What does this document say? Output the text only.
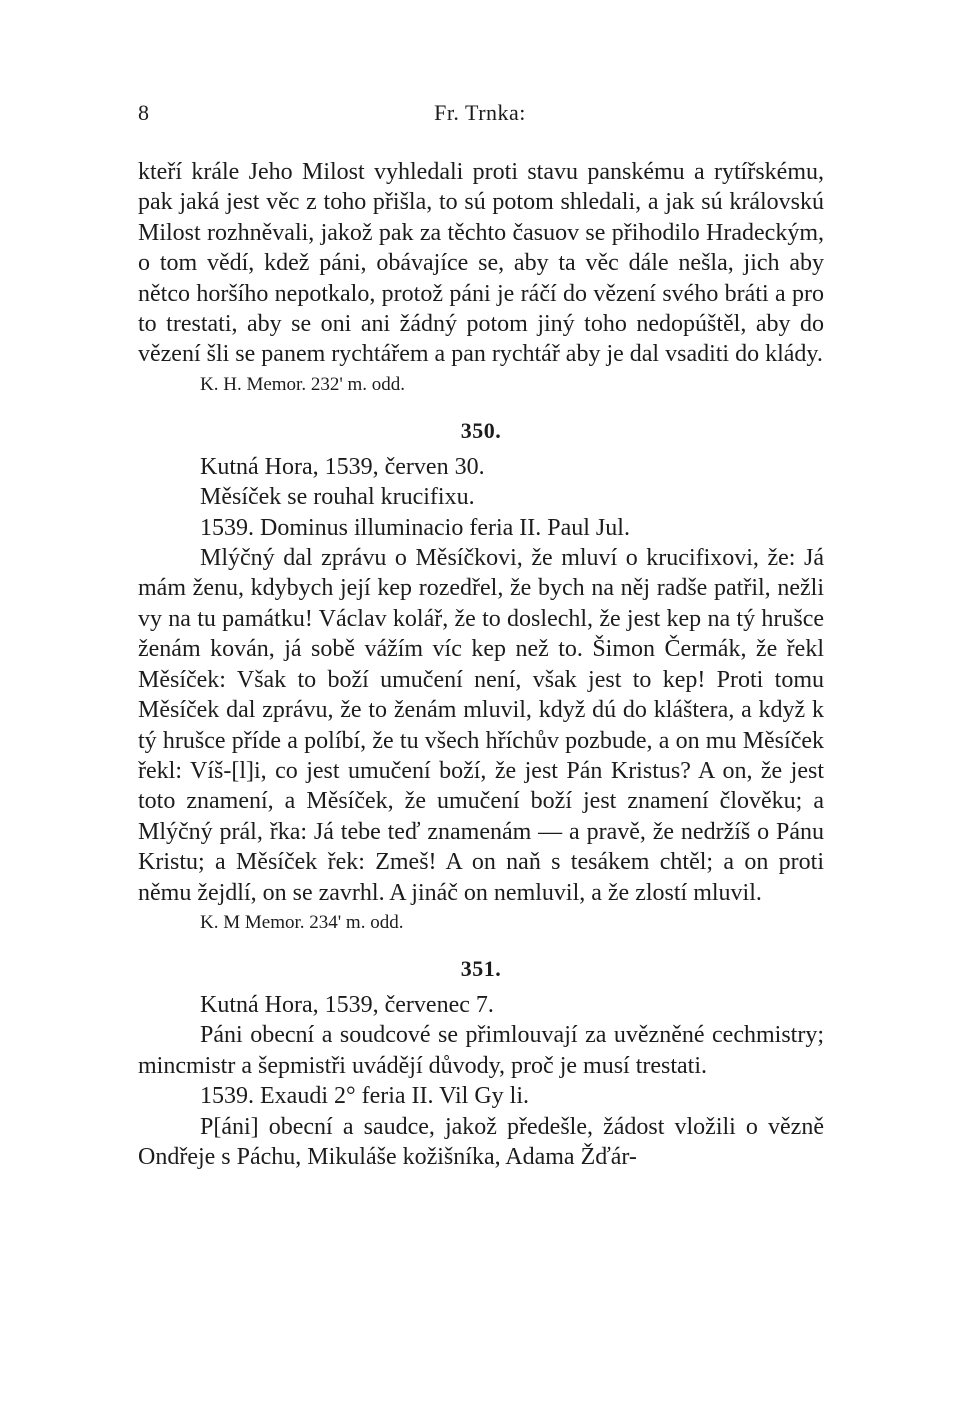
8	Fr. Trnka:

kteří krále Jeho Milost vyhledali proti stavu panskému a rytířskému, pak jaká jest věc z toho přišla, to sú potom shledali, a jak sú královskú Milost rozhněvali, jakož pak za těchto časuov se přihodilo Hradeckým, o tom vědí, kdež páni, obávajíce se, aby ta věc dále nešla, jich aby nětco horšího nepotkalo, protož páni je ráčí do vězení svého bráti a pro to trestati, aby se oni ani žádný potom jiný toho nedopúštěl, aby do vězení šli se panem rychtářem a pan rychtář aby je dal vsaditi do klády.

K. H. Memor. 232' m. odd.

350.

Kutná Hora, 1539, červen 30.

Měsíček se rouhal krucifixu.

1539. Dominus illuminacio feria II. Paul Jul.

Mlýčný dal zprávu o Měsíčkovi, že mluví o krucifixovi, že: Já mám ženu, kdybych její kep rozedřel, že bych na něj radše patřil, nežli vy na tu památku! Václav kolář, že to doslechl, že jest kep na tý hrušce ženám kován, já sobě vážím víc kep než to. Šimon Čermák, že řekl Měsíček: Však to boží umučení není, však jest to kep! Proti tomu Měsíček dal zprávu, že to ženám mluvil, když dú do kláštera, a když k tý hrušce příde a políbí, že tu všech hříchův pozbude, a on mu Měsíček řekl: Víš-[l]i, co jest umučení boží, že jest Pán Kristus? A on, že jest toto znamení, a Měsíček, že umučení boží jest znamení člověku; a Mlýčný prál, řka: Já tebe teď znamenám — a pravě, že nedržíš o Pánu Kristu; a Měsíček řek: Zmeš! A on naň s tesákem chtěl; a on proti němu žejdlí, on se zavrhl. A jináč on nemluvil, a že zlostí mluvil.

K. M Memor. 234' m. odd.

351.

Kutná Hora, 1539, červenec 7.

Páni obecní a soudcové se přimlouvají za uvězněné cechmistry; mincmistr a šepmistři uvádějí důvody, proč je musí trestati.

1539. Exaudi 2° feria II. Vil Gy li.

P[áni] obecní a saudce, jakož předešle, žádost vložili o vězně Ondřeje s Páchu, Mikuláše kožišníka, Adama Žďár-
